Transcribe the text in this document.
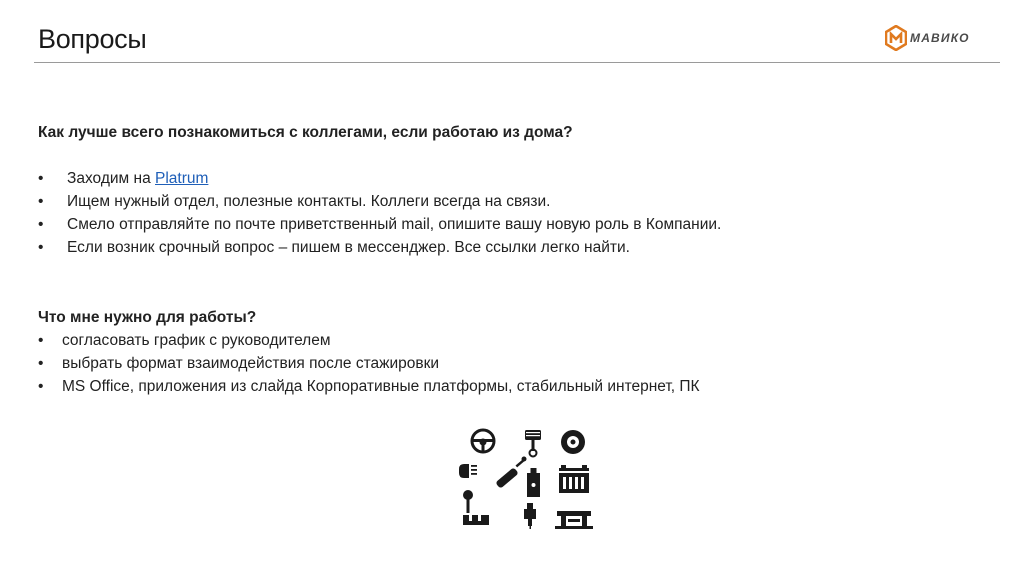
Вопросы	МАВИКО
Как лучше всего познакомиться с коллегами, если работаю из дома?
• Заходим на Platrum
• Ищем нужный отдел, полезные контакты. Коллеги всегда на связи.
• Смело отправляйте по почте приветственный mail, опишите вашу новую роль в Компании.
• Если возник срочный вопрос – пишем в мессенджер. Все ссылки легко найти.
Что мне нужно для работы?
• согласовать график с руководителем
• выбрать формат взаимодействия после стажировки
• MS Office, приложения из слайда Корпоративные платформы, стабильный интернет, ПК
